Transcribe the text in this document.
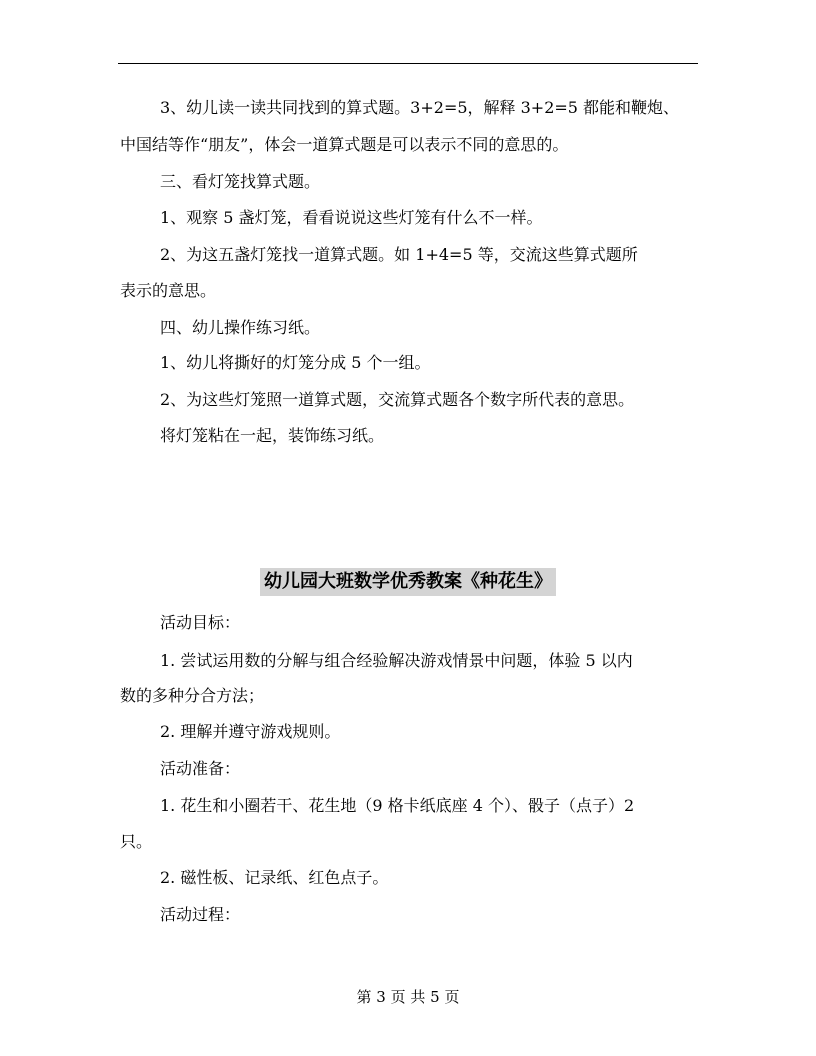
3、幼儿读一读共同找到的算式题。3+2=5，解释 3+2=5 都能和鞭炮、
中国结等作“朋友”，体会一道算式题是可以表示不同的意思的。
三、看灯笼找算式题。
1、观察 5 盏灯笼，看看说说这些灯笼有什么不一样。
2、为这五盏灯笼找一道算式题。如 1+4=5 等，交流这些算式题所
表示的意思。
四、幼儿操作练习纸。
1、幼儿将撕好的灯笼分成 5 个一组。
2、为这些灯笼照一道算式题，交流算式题各个数字所代表的意思。
将灯笼粘在一起，装饰练习纸。
幼儿园大班数学优秀教案《种花生》
活动目标：
1. 尝试运用数的分解与组合经验解决游戏情景中问题，体验 5 以内
数的多种分合方法；
2. 理解并遵守游戏规则。
活动准备：
1. 花生和小圈若干、花生地（9 格卡纸底座 4 个）、骰子（点子）2
只。
2. 磁性板、记录纸、红色点子。
活动过程：
第 3 页 共 5 页
